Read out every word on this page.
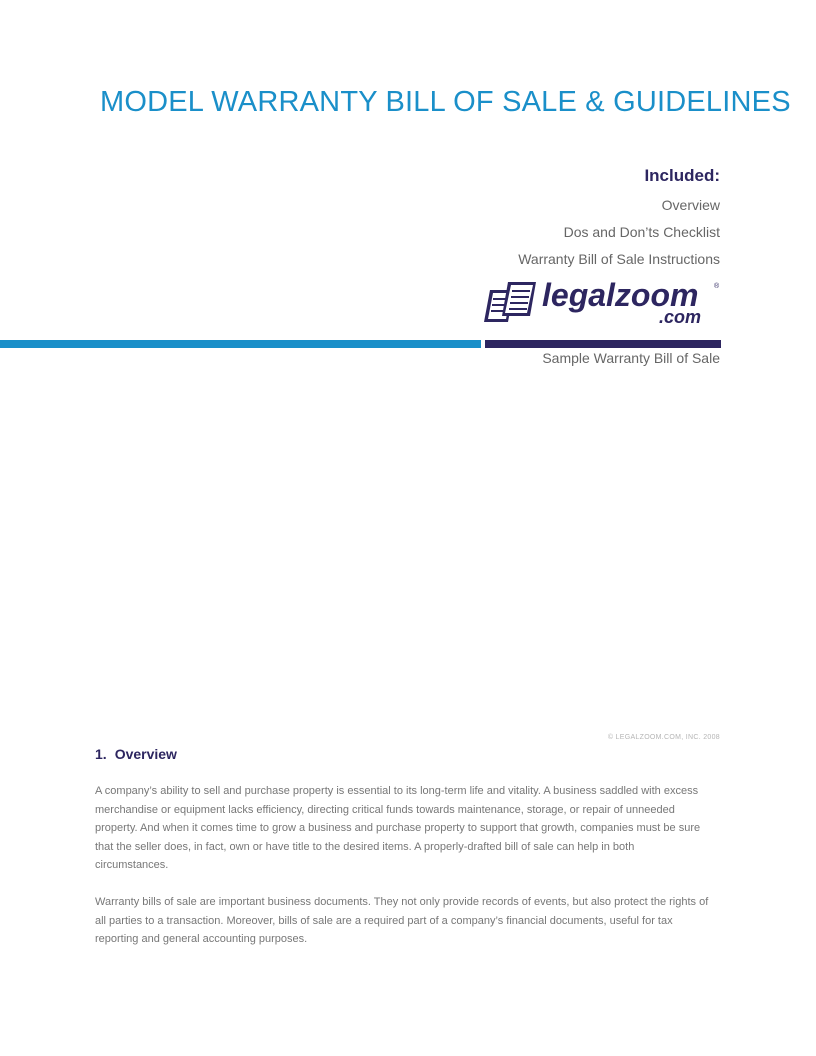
MODEL WARRANTY BILL OF SALE & GUIDELINES
Included:
Overview
Dos and Don’ts Checklist
Warranty Bill of Sale Instructions
legalzoom ®
.com
Sample Warranty Bill of Sale
© LEGALZOOM.COM, INC. 2008
1. Overview

A company’s ability to sell and purchase property is essential to its long-term life and vitality. A business saddled with excess merchandise or equipment lacks efficiency, directing critical funds towards maintenance, storage, or repair of unneeded property. And when it comes time to grow a business and purchase property to support that growth, companies must be sure that the seller does, in fact, own or have title to the desired items. A properly-drafted bill of sale can help in both circumstances.

Warranty bills of sale are important business documents. They not only provide records of events, but also protect the rights of all parties to a transaction. Moreover, bills of sale are a required part of a company’s financial documents, useful for tax reporting and general accounting purposes.
